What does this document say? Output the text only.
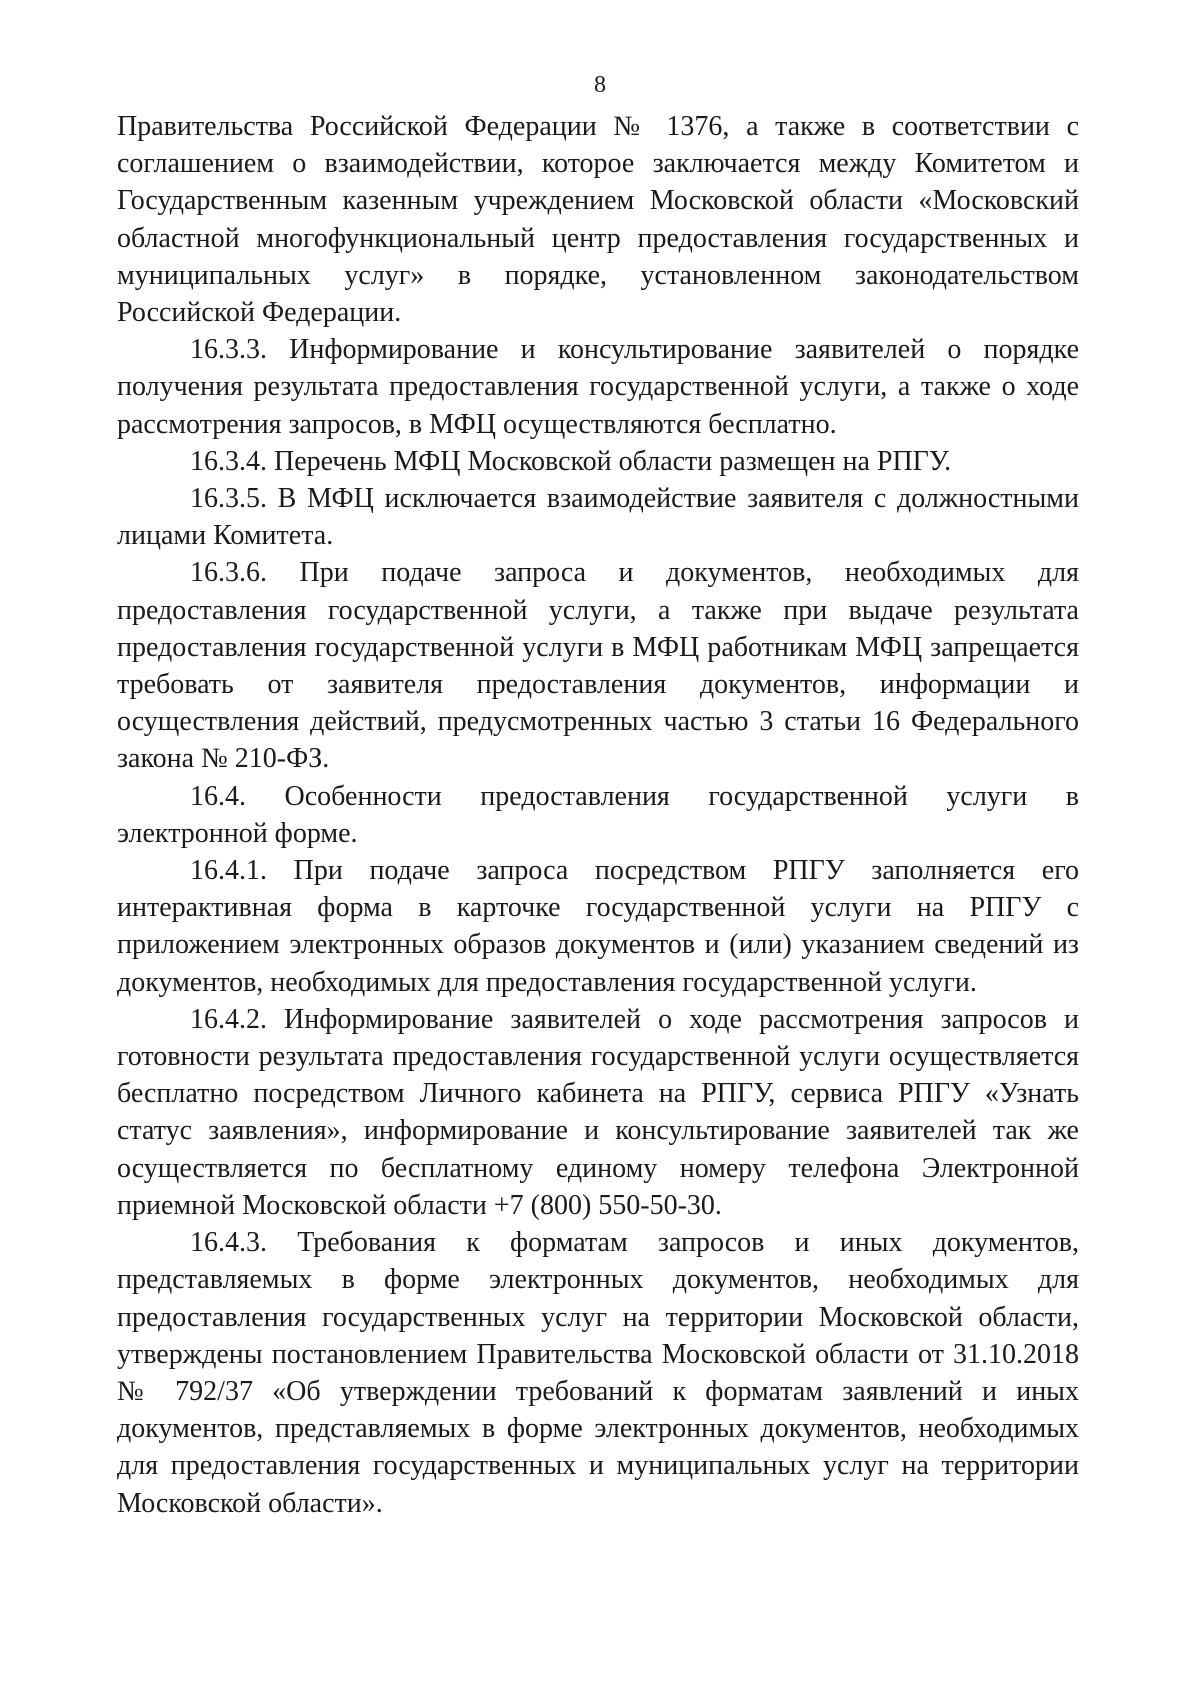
8

Правительства Российской Федерации № 1376, а также в соответствии с соглашением о взаимодействии, которое заключается между Комитетом и Государственным казенным учреждением Московской области «Московский областной многофункциональный центр предоставления государственных и муниципальных услуг» в порядке, установленном законодательством Российской Федерации.

16.3.3. Информирование и консультирование заявителей о порядке получения результата предоставления государственной услуги, а также о ходе рассмотрения запросов, в МФЦ осуществляются бесплатно.

16.3.4. Перечень МФЦ Московской области размещен на РПГУ.

16.3.5. В МФЦ исключается взаимодействие заявителя с должностными лицами Комитета.

16.3.6. При подаче запроса и документов, необходимых для предоставления государственной услуги, а также при выдаче результата предоставления государственной услуги в МФЦ работникам МФЦ запрещается требовать от заявителя предоставления документов, информации и осуществления действий, предусмотренных частью 3 статьи 16 Федерального закона № 210-ФЗ.

16.4. Особенности предоставления государственной услуги в электронной форме.

16.4.1. При подаче запроса посредством РПГУ заполняется его интерактивная форма в карточке государственной услуги на РПГУ с приложением электронных образов документов и (или) указанием сведений из документов, необходимых для предоставления государственной услуги.

16.4.2. Информирование заявителей о ходе рассмотрения запросов и готовности результата предоставления государственной услуги осуществляется бесплатно посредством Личного кабинета на РПГУ, сервиса РПГУ «Узнать статус заявления», информирование и консультирование заявителей так же осуществляется по бесплатному единому номеру телефона Электронной приемной Московской области +7 (800) 550-50-30.

16.4.3. Требования к форматам запросов и иных документов, представляемых в форме электронных документов, необходимых для предоставления государственных услуг на территории Московской области, утверждены постановлением Правительства Московской области от 31.10.2018 № 792/37 «Об утверждении требований к форматам заявлений и иных документов, представляемых в форме электронных документов, необходимых для предоставления государственных и муниципальных услуг на территории Московской области».
